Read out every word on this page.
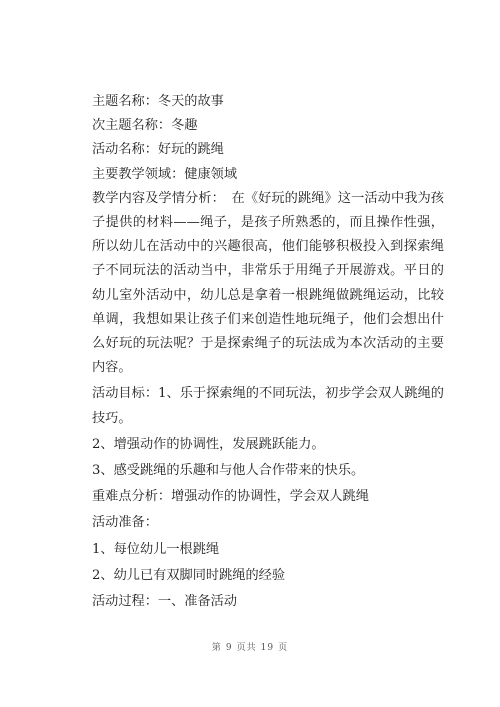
主题名称：冬天的故事

次主题名称：冬趣

活动名称：好玩的跳绳

主要教学领域：健康领域

教学内容及学情分析：　在《好玩的跳绳》这一活动中我为孩子提供的材料——绳子，是孩子所熟悉的，而且操作性强，所以幼儿在活动中的兴趣很高，他们能够积极投入到探索绳子不同玩法的活动当中，非常乐于用绳子开展游戏。平日的幼儿室外活动中，幼儿总是拿着一根跳绳做跳绳运动，比较单调，我想如果让孩子们来创造性地玩绳子，他们会想出什么好玩的玩法呢？于是探索绳子的玩法成为本次活动的主要内容。

活动目标：1、乐于探索绳的不同玩法，初步学会双人跳绳的技巧。

2、增强动作的协调性，发展跳跃能力。

3、感受跳绳的乐趣和与他人合作带来的快乐。

重难点分析：增强动作的协调性，学会双人跳绳

活动准备：

1、每位幼儿一根跳绳

2、幼儿已有双脚同时跳绳的经验

活动过程：一、准备活动

第 9 页共 19 页
